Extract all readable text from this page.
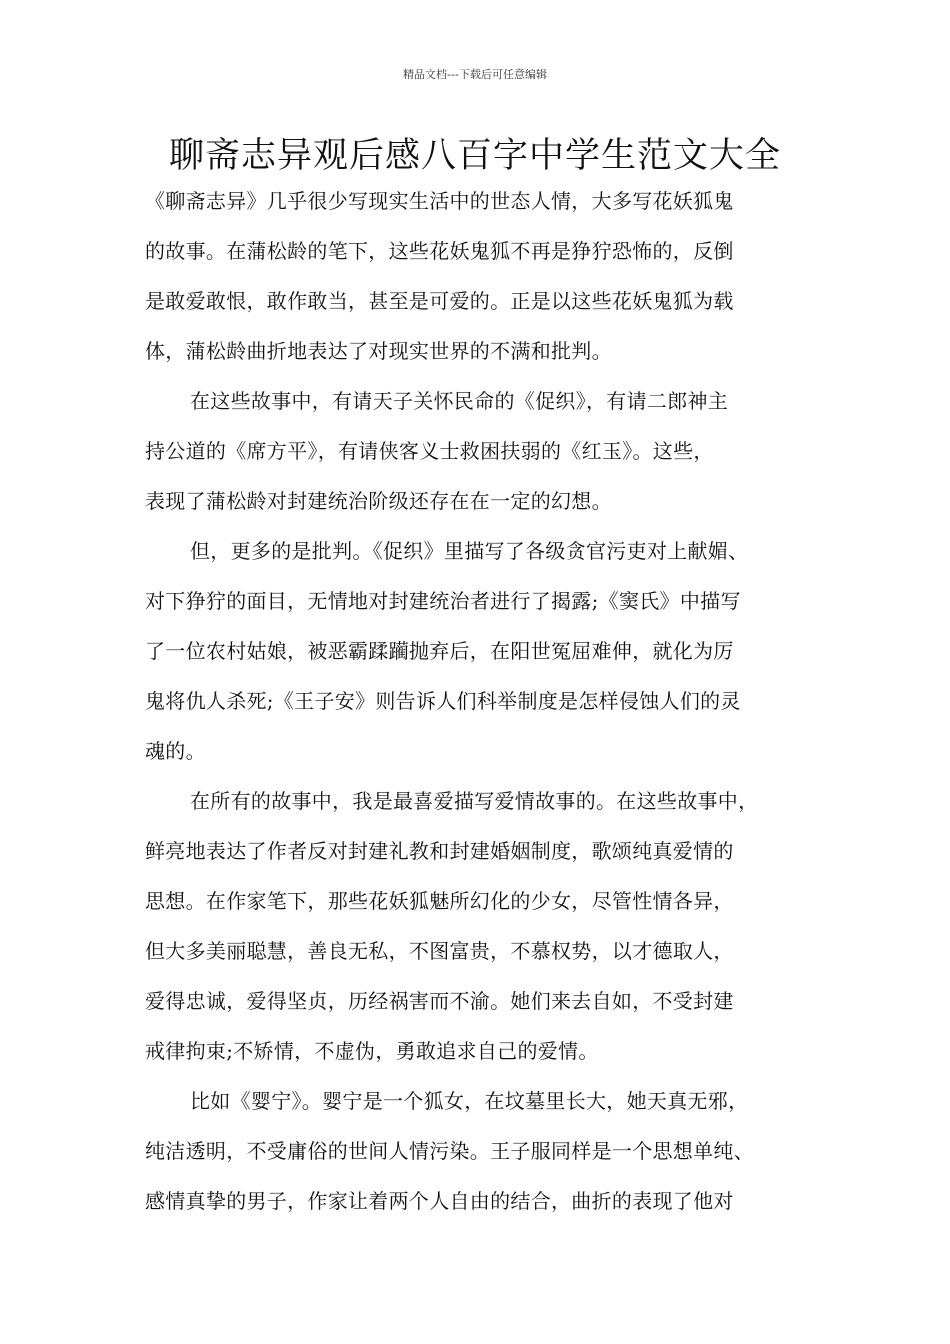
精品文档---下载后可任意编辑
聊斋志异观后感八百字中学生范文大全
《聊斋志异》几乎很少写现实生活中的世态人情，大多写花妖狐鬼
的故事。在蒲松龄的笔下，这些花妖鬼狐不再是狰狞恐怖的，反倒
是敢爱敢恨，敢作敢当，甚至是可爱的。正是以这些花妖鬼狐为载
体，蒲松龄曲折地表达了对现实世界的不满和批判。
在这些故事中，有请天子关怀民命的《促织》，有请二郎神主
持公道的《席方平》，有请侠客义士救困扶弱的《红玉》。这些，
表现了蒲松龄对封建统治阶级还存在在一定的幻想。
但，更多的是批判。《促织》里描写了各级贪官污吏对上献媚、
对下狰狞的面目，无情地对封建统治者进行了揭露;《窦氏》中描写
了一位农村姑娘，被恶霸蹂躏抛弃后，在阳世冤屈难伸，就化为厉
鬼将仇人杀死;《王子安》则告诉人们科举制度是怎样侵蚀人们的灵
魂的。
在所有的故事中，我是最喜爱描写爱情故事的。在这些故事中，
鲜亮地表达了作者反对封建礼教和封建婚姻制度，歌颂纯真爱情的
思想。在作家笔下，那些花妖狐魅所幻化的少女，尽管性情各异，
但大多美丽聪慧，善良无私，不图富贵，不慕权势，以才德取人，
爱得忠诚，爱得坚贞，历经祸害而不渝。她们来去自如，不受封建
戒律拘束;不矫情，不虚伪，勇敢追求自己的爱情。
比如《婴宁》。婴宁是一个狐女，在坟墓里长大，她天真无邪，
纯洁透明，不受庸俗的世间人情污染。王子服同样是一个思想单纯、
感情真挚的男子，作家让着两个人自由的结合，曲折的表现了他对
